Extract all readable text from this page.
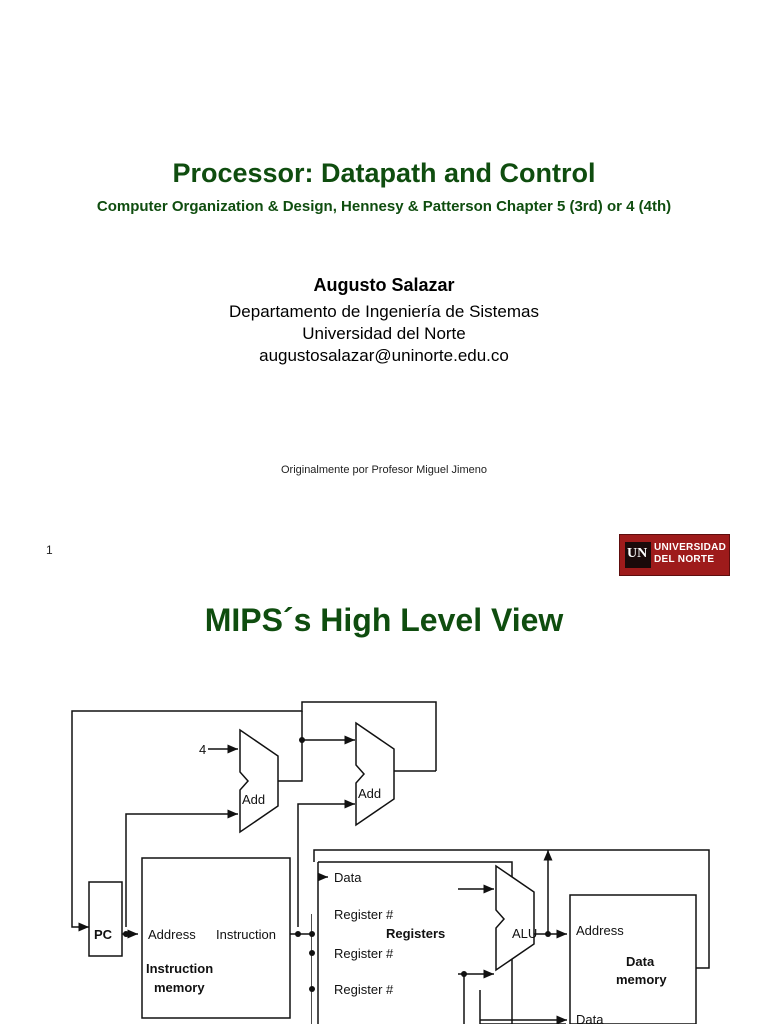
Processor: Datapath and Control
Computer Organization & Design, Hennesy & Patterson Chapter 5 (3rd) or 4 (4th)
Augusto Salazar
Departamento de Ingeniería de Sistemas
Universidad del Norte
augustosalazar@uninorte.edu.co
Originalmente por Profesor Miguel Jimeno
1	UN UNIVERSIDAD
DEL NORTE
MIPS´s High Level View
4
Add	Add
PC	Address Instruction
Instruction
memory
Data
Register #
Register #
Register #
Registers	ALU	Address
Data
memory
Data
